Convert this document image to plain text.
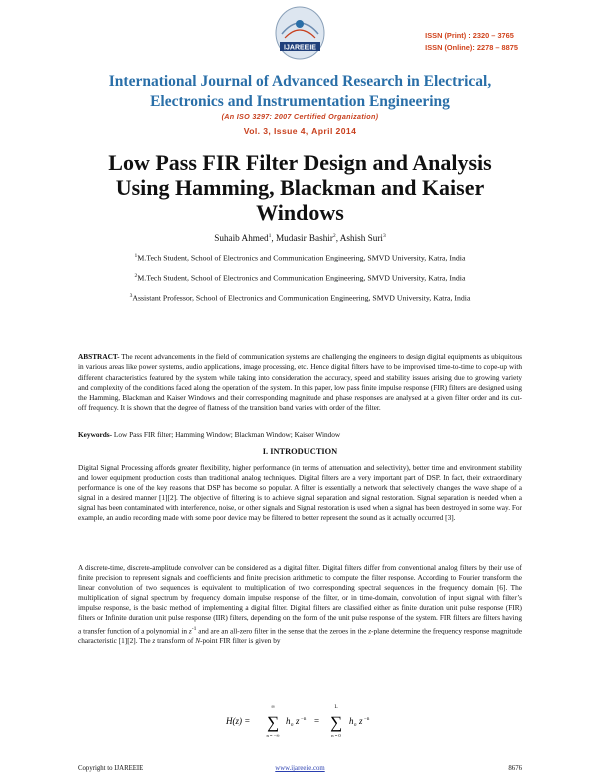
IJAREEIE
ISSN (Print) : 2320 – 3765
ISSN (Online): 2278 – 8875
International Journal of Advanced Research in Electrical,
Electronics and Instrumentation Engineering
(An ISO 3297: 2007 Certified Organization)
Vol. 3, Issue 4, April 2014
Low Pass FIR Filter Design and Analysis
Using Hamming, Blackman and Kaiser
Windows
Suhaib Ahmed$^1$, Mudasir Bashir$^2$, Ashish Suri$^3$
$^1$M.Tech Student, School of Electronics and Communication Engineering, SMVD University, Katra, India
$^2$M.Tech Student, School of Electronics and Communication Engineering, SMVD University, Katra, India
$^3$Assistant Professor, School of Electronics and Communication Engineering, SMVD University, Katra, India
ABSTRACT- The recent advancements in the field of communication systems are challenging the engineers to design digital equipments as ubiquitous in various areas like power systems, audio applications, image processing, etc. Hence digital filters have to be improvised time-to-time to cope-up with different characteristics featured by the system while taking into consideration the accuracy, speed and stability issues arising due to growing variety and complexity of the conditions faced along the operation of the system. In this paper, low pass finite impulse response (FIR) filters are designed using the Hamming, Blackman and Kaiser Windows and their corresponding magnitude and phase responses are analysed at a given filter order and its cut-off frequency. It is shown that the degree of flatness of the transition band varies with order of the filter.
Keywords- Low Pass FIR filter; Hamming Window; Blackman Window; Kaiser Window
I. INTRODUCTION
Digital Signal Processing affords greater flexibility, higher performance (in terms of attenuation and selectivity), better time and environment stability and lower equipment production costs than traditional analog techniques. Digital filters are a very important part of DSP. In fact, their extraordinary performance is one of the key reasons that DSP has become so popular. A filter is essentially a network that selectively changes the wave shape of a signal in a desired manner [1][2]. The objective of filtering is to achieve signal separation and signal restoration. Signal separation is needed when a signal has been contaminated with interference, noise, or other signals and Signal restoration is used when a signal has been destroyed in some way. For example, an audio recording made with some poor device may be filtered to better represent the sound as it actually occurred [3].
A discrete-time, discrete-amplitude convolver can be considered as a digital filter. Digital filters differ from conventional analog filters by their use of finite precision to represent signals and coefficients and finite precision arithmetic to compute the filter response. According to Fourier transform the linear convolution of two sequences is equivalent to multiplication of two corresponding spectral sequences in the frequency domain [6]. The multiplication of signal spectrum by frequency domain impulse response of the filter, or in time-domain, convolution of input signal with filter’s impulse response, is the basic method of implementing a digital filter. Digital filters are classified either as finite duration unit pulse response (FIR) filters or Infinite duration unit pulse response (IIR) filters, depending on the form of the unit pulse response of the system. FIR filters are filters having a transfer function of a polynomial in $z^{-1}$ and are an all-zero filter in the sense that the zeroes in the z-plane determine the frequency response magnitude characteristic [1][2]. The z transform of N-point FIR filter is given by
H(z) =
∞
∑
n = −∞
h n z −n =
L
∑
n = 0
h n z −n
Copyright to IJAREEIE	www.ijareeie.com	8676
